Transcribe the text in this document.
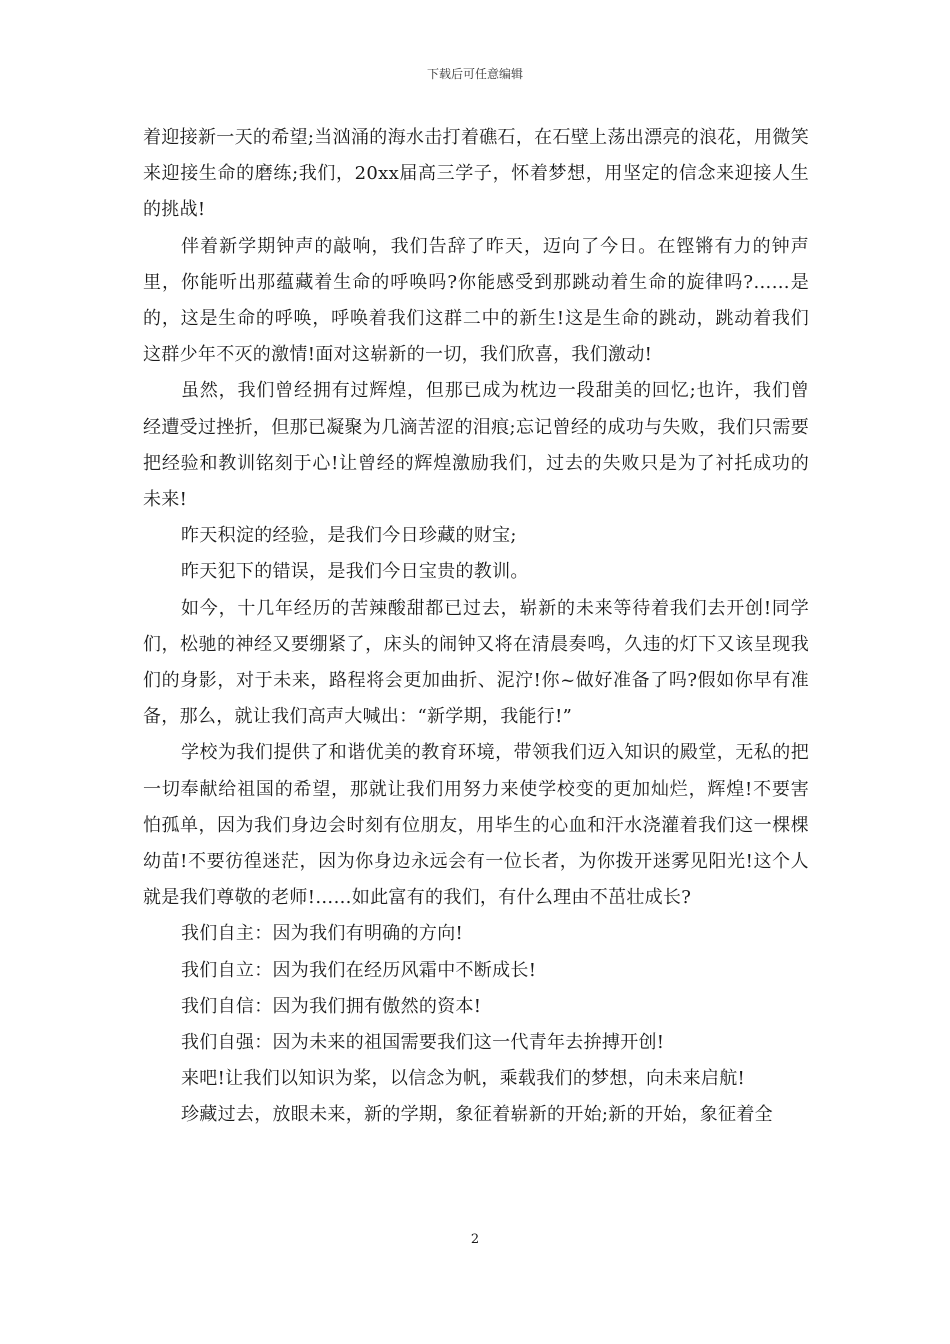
下载后可任意编辑

着迎接新一天的希望;当汹涌的海水击打着礁石，在石壁上荡出漂亮的浪花，用微笑来迎接生命的磨练;我们，20xx届高三学子，怀着梦想，用坚定的信念来迎接人生的挑战!

伴着新学期钟声的敲响，我们告辞了昨天，迈向了今日。在铿锵有力的钟声里，你能听出那蕴藏着生命的呼唤吗?你能感受到那跳动着生命的旋律吗?……是的，这是生命的呼唤，呼唤着我们这群二中的新生!这是生命的跳动，跳动着我们这群少年不灭的激情!面对这崭新的一切，我们欣喜，我们激动!

虽然，我们曾经拥有过辉煌，但那已成为枕边一段甜美的回忆;也许，我们曾经遭受过挫折，但那已凝聚为几滴苦涩的泪痕;忘记曾经的成功与失败，我们只需要把经验和教训铭刻于心!让曾经的辉煌激励我们，过去的失败只是为了衬托成功的未来!

昨天积淀的经验，是我们今日珍藏的财宝;

昨天犯下的错误，是我们今日宝贵的教训。

如今，十几年经历的苦辣酸甜都已过去，崭新的未来等待着我们去开创!同学们，松驰的神经又要绷紧了，床头的闹钟又将在清晨奏鸣，久违的灯下又该呈现我们的身影，对于未来，路程将会更加曲折、泥泞!你~做好准备了吗?假如你早有准备，那么，就让我们高声大喊出：“新学期，我能行!”

学校为我们提供了和谐优美的教育环境，带领我们迈入知识的殿堂，无私的把一切奉献给祖国的希望，那就让我们用努力来使学校变的更加灿烂，辉煌!不要害怕孤单，因为我们身边会时刻有位朋友，用毕生的心血和汗水浇灌着我们这一棵棵幼苗!不要彷徨迷茫，因为你身边永远会有一位长者，为你拨开迷雾见阳光!这个人就是我们尊敬的老师!……如此富有的我们，有什么理由不茁壮成长?

我们自主：因为我们有明确的方向!

我们自立：因为我们在经历风霜中不断成长!

我们自信：因为我们拥有傲然的资本!

我们自强：因为未来的祖国需要我们这一代青年去拚搏开创!

来吧!让我们以知识为桨，以信念为帆，乘载我们的梦想，向未来启航!

珍藏过去，放眼未来，新的学期，象征着崭新的开始;新的开始，象征着全

2
